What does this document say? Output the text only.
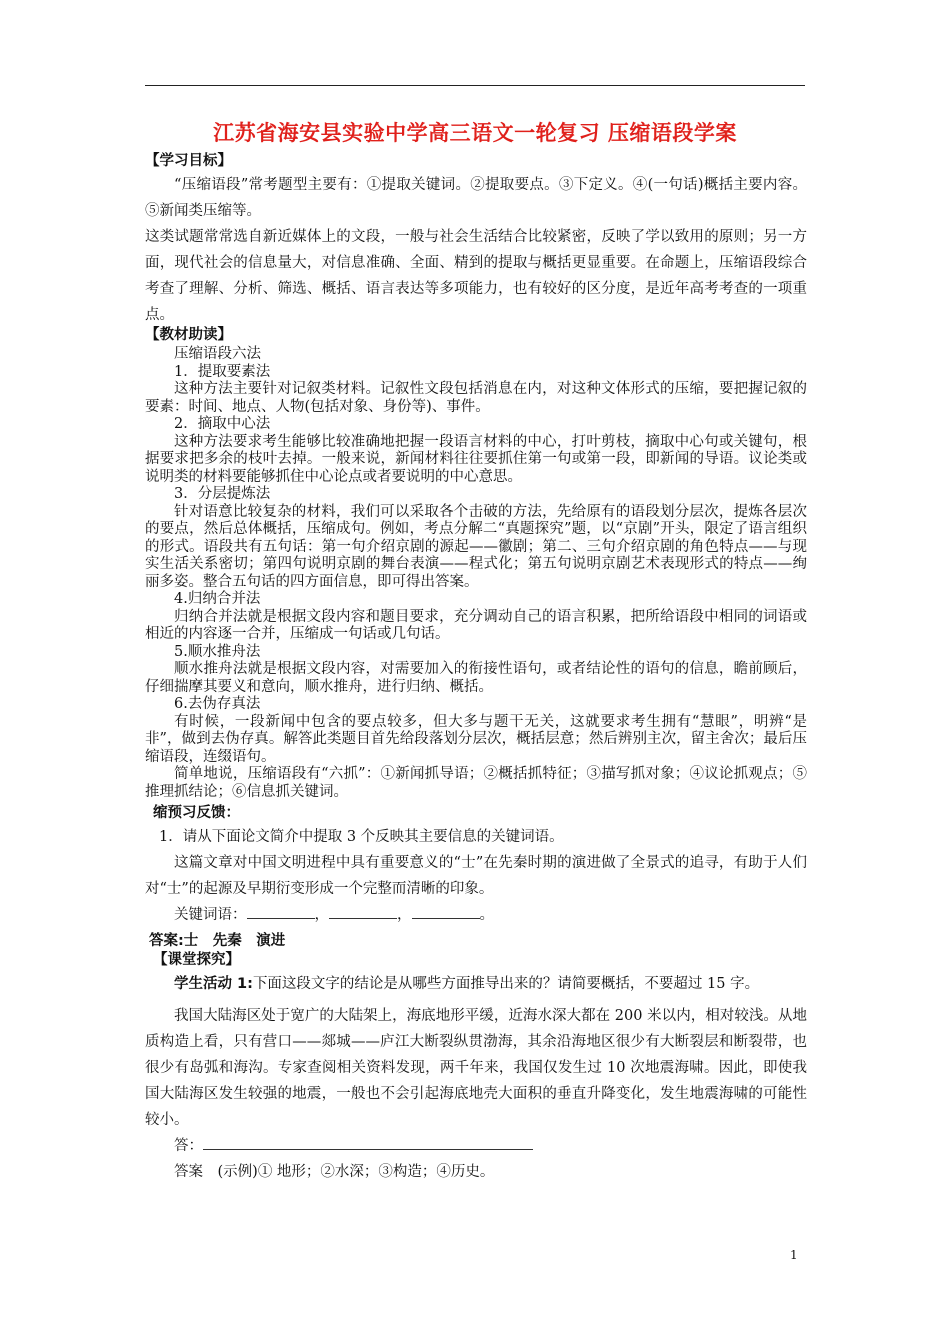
江苏省海安县实验中学高三语文一轮复习 压缩语段学案
【学习目标】

“压缩语段”常考题型主要有：①提取关键词。②提取要点。③下定义。④(一句话)概括主要内容。⑤新闻类压缩等。

这类试题常常选自新近媒体上的文段，一般与社会生活结合比较紧密，反映了学以致用的原则；另一方面，现代社会的信息量大，对信息准确、全面、精到的提取与概括更显重要。在命题上，压缩语段综合考查了理解、分析、筛选、概括、语言表达等多项能力，也有较好的区分度，是近年高考考查的一项重点。

【教材助读】

压缩语段六法

1．提取要素法

这种方法主要针对记叙类材料。记叙性文段包括消息在内，对这种文体形式的压缩，要把握记叙的要素：时间、地点、人物(包括对象、身份等)、事件。

2．摘取中心法

这种方法要求考生能够比较准确地把握一段语言材料的中心，打叶剪枝，摘取中心句或关键句，根据要求把多余的枝叶去掉。一般来说，新闻材料往往要抓住第一句或第一段，即新闻的导语。议论类或说明类的材料要能够抓住中心论点或者要说明的中心意思。

3．分层提炼法

针对语意比较复杂的材料，我们可以采取各个击破的方法，先给原有的语段划分层次，提炼各层次的要点，然后总体概括，压缩成句。例如，考点分解二“真题探究”题，以“京剧”开头，限定了语言组织的形式。语段共有五句话：第一句介绍京剧的源起——徽剧；第二、三句介绍京剧的角色特点——与现实生活关系密切；第四句说明京剧的舞台表演——程式化；第五句说明京剧艺术表现形式的特点——绚丽多姿。整合五句话的四方面信息，即可得出答案。

4.归纳合并法

归纳合并法就是根据文段内容和题目要求，充分调动自己的语言积累，把所给语段中相同的词语或相近的内容逐一合并，压缩成一句话或几句话。

5.顺水推舟法

顺水推舟法就是根据文段内容，对需要加入的衔接性语句，或者结论性的语句的信息，瞻前顾后，仔细揣摩其要义和意向，顺水推舟，进行归纳、概括。

6.去伪存真法

有时候，一段新闻中包含的要点较多，但大多与题干无关，这就要求考生拥有“慧眼”，明辨“是非”，做到去伪存真。解答此类题目首先给段落划分层次，概括层意；然后辨别主次，留主舍次；最后压缩语段，连缀语句。

简单地说，压缩语段有“六抓”：①新闻抓导语；②概括抓特征；③描写抓对象；④议论抓观点；⑤推理抓结论；⑥信息抓关键词。

缩预习反馈：

1．请从下面论文简介中提取 3 个反映其主要信息的关键词语。

这篇文章对中国文明进程中具有重要意义的“士”在先秦时期的演进做了全景式的追寻，有助于人们对“士”的起源及早期衍变形成一个完整而清晰的印象。

关键词语：	，	，	。

答案:士　先秦　演进

【课堂探究】

学生活动 1:下面这段文字的结论是从哪些方面推导出来的？请简要概括，不要超过 15 字。

我国大陆海区处于宽广的大陆架上，海底地形平缓，近海水深大都在 200 米以内，相对较浅。从地质构造上看，只有营口——郯城——庐江大断裂纵贯渤海，其余沿海地区很少有大断裂层和断裂带，也很少有岛弧和海沟。专家查阅相关资料发现，两千年来，我国仅发生过 10 次地震海啸。因此，即使我国大陆海区发生较强的地震，一般也不会引起海底地壳大面积的垂直升降变化，发生地震海啸的可能性较小。

答：

答案　(示例)① 地形；②水深；③构造；④历史。

1
